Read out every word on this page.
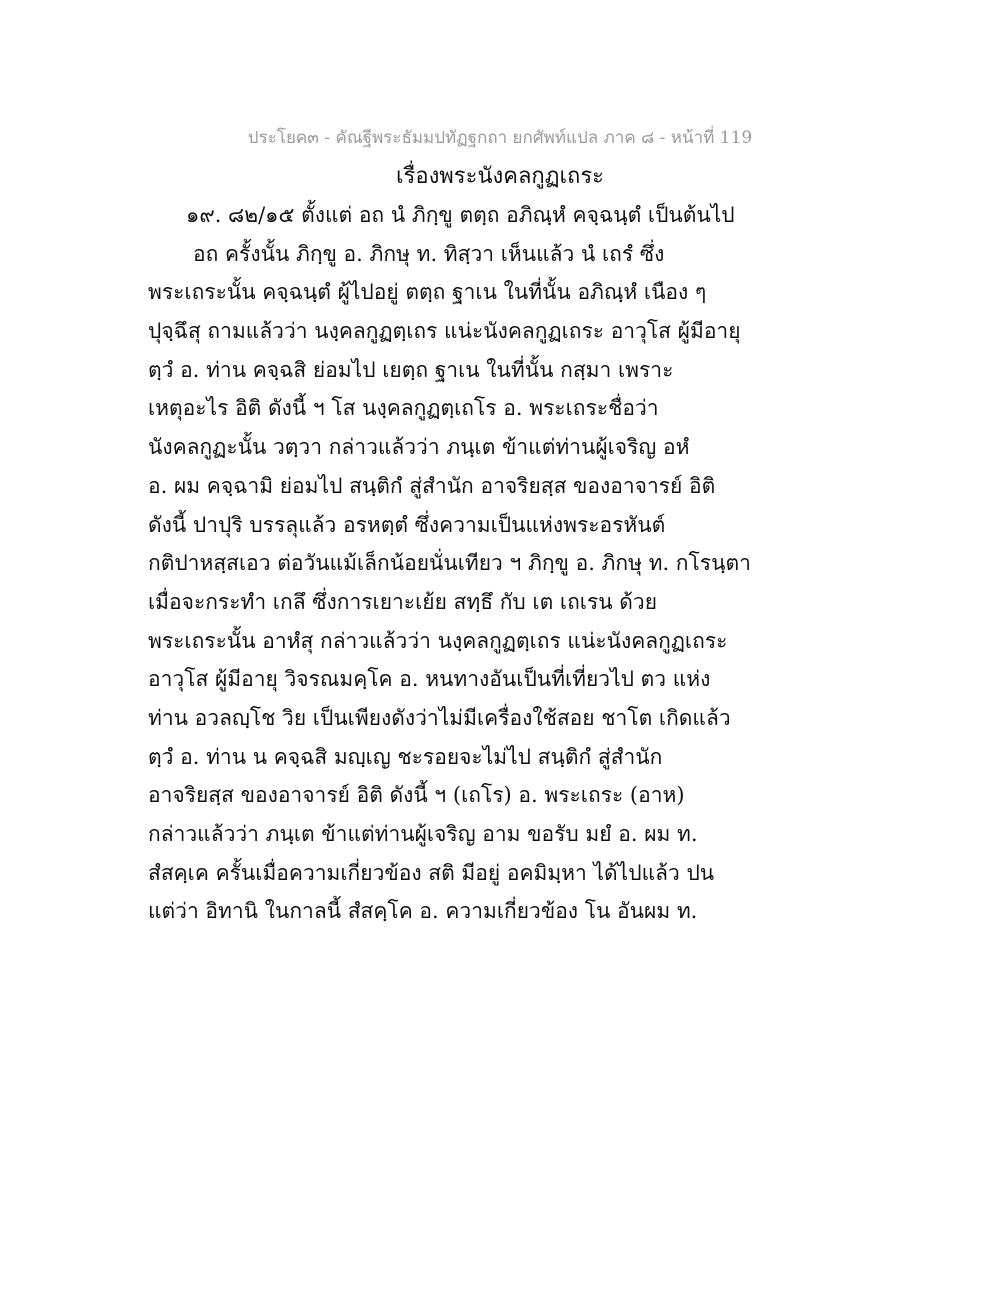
ประโยค๓ - คัณฐีพระธัมมปทัฏฐกถา ยกศัพท์แปล ภาค ๘ - หน้าที่ 119
เรื่องพระนังคลกูฏเถระ
๑๙. ๘๒/๑๕ ตั้งแต่ อถ นํ ภิกฺขู ตตฺถ อภิณฺหํ คจฺฉนฺตํ เป็นต้นไป
อถ ครั้งนั้น ภิกฺขู อ. ภิกษุ ท. ทิสฺวา เห็นแล้ว นํ เถรํ ซึ่ง
พระเถระนั้น คจฺฉนฺตํ ผู้ไปอยู่ ตตฺถ ฐาเน ในที่นั้น อภิณฺหํ เนือง ๆ
ปุจฺฉึสุ ถามแล้วว่า นงฺคลกูฏตฺเถร แน่ะนังคลกูฏเถระ อาวุโส ผู้มีอายุ
ตฺวํ อ. ท่าน คจฺฉสิ ย่อมไป เยตฺถ ฐาเน ในที่นั้น กสฺมา เพราะ
เหตุอะไร อิติ ดังนี้ ฯ โส นงฺคลกูฏตฺเถโร อ. พระเถระชื่อว่า
นังคลกูฏะนั้น วตฺวา กล่าวแล้วว่า ภนฺเต ข้าแต่ท่านผู้เจริญ อหํ
อ. ผม คจฺฉามิ ย่อมไป สนฺติกํ สู่สำนัก อาจริยสฺส ของอาจารย์ อิติ
ดังนี้ ปาปุริ บรรลุแล้ว อรหตฺตํ ซึ่งความเป็นแห่งพระอรหันต์
กติปาหสฺสเอว ต่อวันแม้เล็กน้อยนั่นเทียว ฯ ภิกฺขู อ. ภิกษุ ท. กโรนฺตา
เมื่อจะกระทำ เกลึ ซึ่งการเยาะเย้ย สทฺธึ กับ เต เถเรน ด้วย
พระเถระนั้น อาหํสุ กล่าวแล้วว่า นงฺคลกูฏตฺเถร แน่ะนังคลกูฏเถระ
อาวุโส ผู้มีอายุ วิจรณมคฺโค อ. หนทางอันเป็นที่เที่ยวไป ตว แห่ง
ท่าน อวลญฺโช วิย เป็นเพียงดังว่าไม่มีเครื่องใช้สอย ชาโต เกิดแล้ว
ตฺวํ อ. ท่าน น คจฺฉสิ มญฺเญ ชะรอยจะไม่ไป สนฺติกํ สู่สำนัก
อาจริยสฺส ของอาจารย์ อิติ ดังนี้ ฯ (เถโร) อ. พระเถระ (อาห)
กล่าวแล้วว่า ภนฺเต ข้าแต่ท่านผู้เจริญ อาม ขอรับ มยํ อ. ผม ท.
สํสคฺเค ครั้นเมื่อความเกี่ยวข้อง สติ มีอยู่ อคมิมฺหา ได้ไปแล้ว ปน
แต่ว่า อิทานิ ในกาลนี้ สํสคฺโค อ. ความเกี่ยวข้อง โน อันผม ท.
